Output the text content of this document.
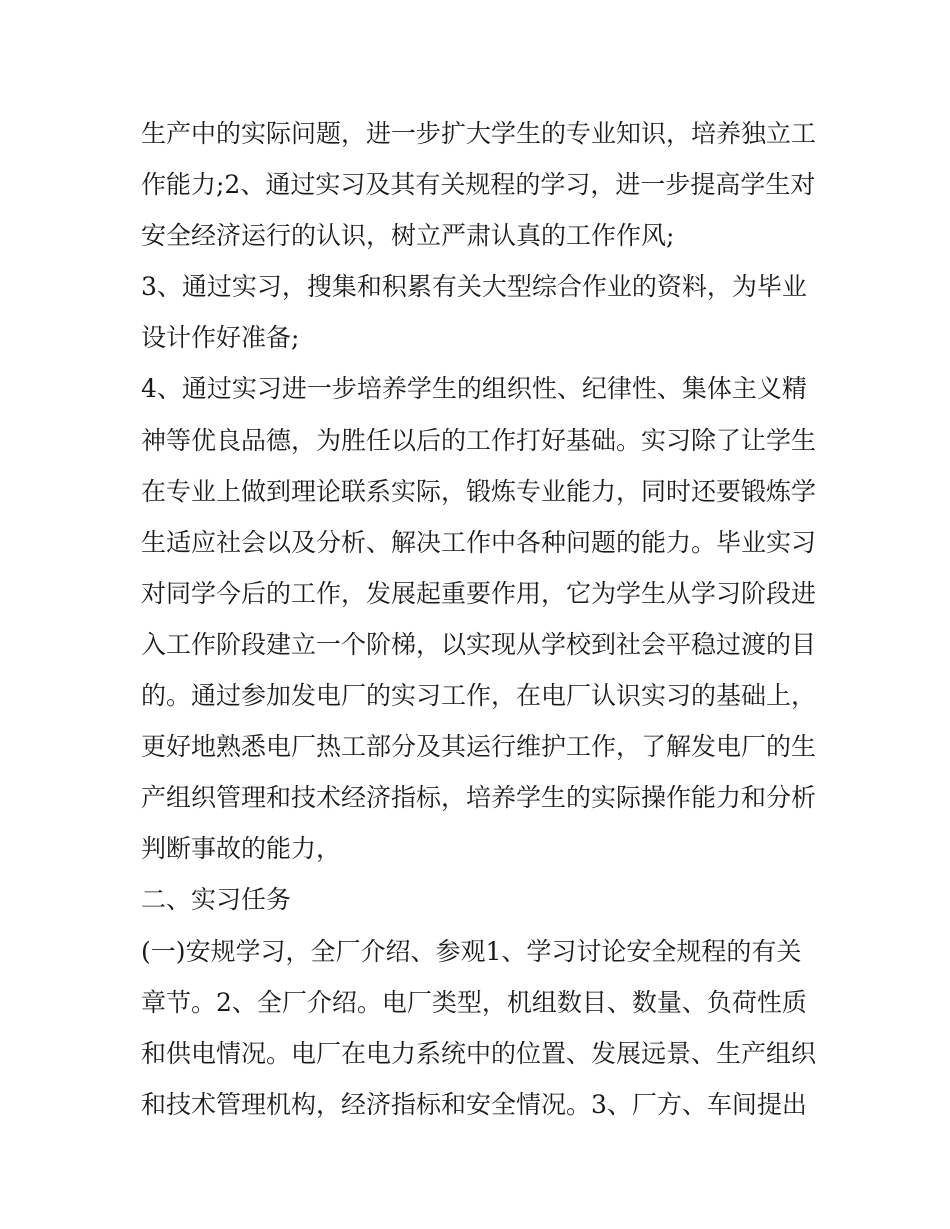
生产中的实际问题，进一步扩大学生的专业知识，培养独立工
作能力;2、通过实习及其有关规程的学习，进一步提高学生对
安全经济运行的认识，树立严肃认真的工作作风;
3、通过实习，搜集和积累有关大型综合作业的资料，为毕业
设计作好准备;
4、通过实习进一步培养学生的组织性、纪律性、集体主义精
神等优良品德，为胜任以后的工作打好基础。实习除了让学生
在专业上做到理论联系实际，锻炼专业能力，同时还要锻炼学
生适应社会以及分析、解决工作中各种问题的能力。毕业实习
对同学今后的工作，发展起重要作用，它为学生从学习阶段进
入工作阶段建立一个阶梯，以实现从学校到社会平稳过渡的目
的。通过参加发电厂的实习工作，在电厂认识实习的基础上，
更好地熟悉电厂热工部分及其运行维护工作，了解发电厂的生
产组织管理和技术经济指标，培养学生的实际操作能力和分析
判断事故的能力，
二、实习任务
(一)安规学习，全厂介绍、参观1、学习讨论安全规程的有关
章节。2、全厂介绍。电厂类型，机组数目、数量、负荷性质
和供电情况。电厂在电力系统中的位置、发展远景、生产组织
和技术管理机构，经济指标和安全情况。3、厂方、车间提出
